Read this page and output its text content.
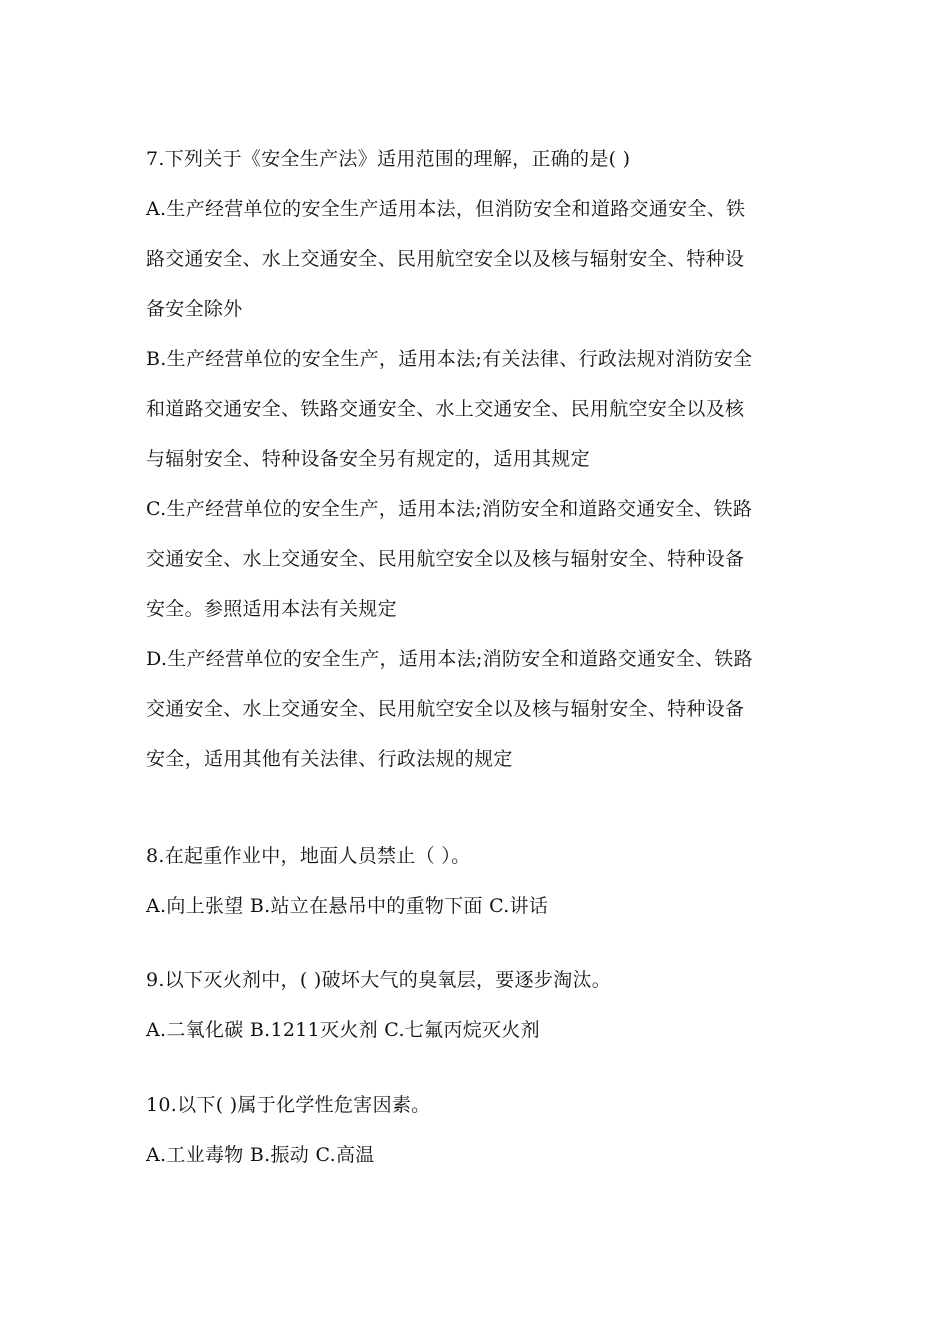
7.下列关于《安全生产法》适用范围的理解，正确的是( )
A.生产经营单位的安全生产适用本法，但消防安全和道路交通安全、铁
路交通安全、水上交通安全、民用航空安全以及核与辐射安全、特种设
备安全除外
B.生产经营单位的安全生产，适用本法;有关法律、行政法规对消防安全
和道路交通安全、铁路交通安全、水上交通安全、民用航空安全以及核
与辐射安全、特种设备安全另有规定的，适用其规定
C.生产经营单位的安全生产，适用本法;消防安全和道路交通安全、铁路
交通安全、水上交通安全、民用航空安全以及核与辐射安全、特种设备
安全。参照适用本法有关规定
D.生产经营单位的安全生产，适用本法;消防安全和道路交通安全、铁路
交通安全、水上交通安全、民用航空安全以及核与辐射安全、特种设备
安全，适用其他有关法律、行政法规的规定
8.在起重作业中，地面人员禁止（ ）。
A.向上张望 B.站立在悬吊中的重物下面 C.讲话
9.以下灭火剂中，( )破坏大气的臭氧层，要逐步淘汰。
A.二氧化碳 B.1211灭火剂 C.七氟丙烷灭火剂
10.以下( )属于化学性危害因素。
A.工业毒物 B.振动 C.高温
